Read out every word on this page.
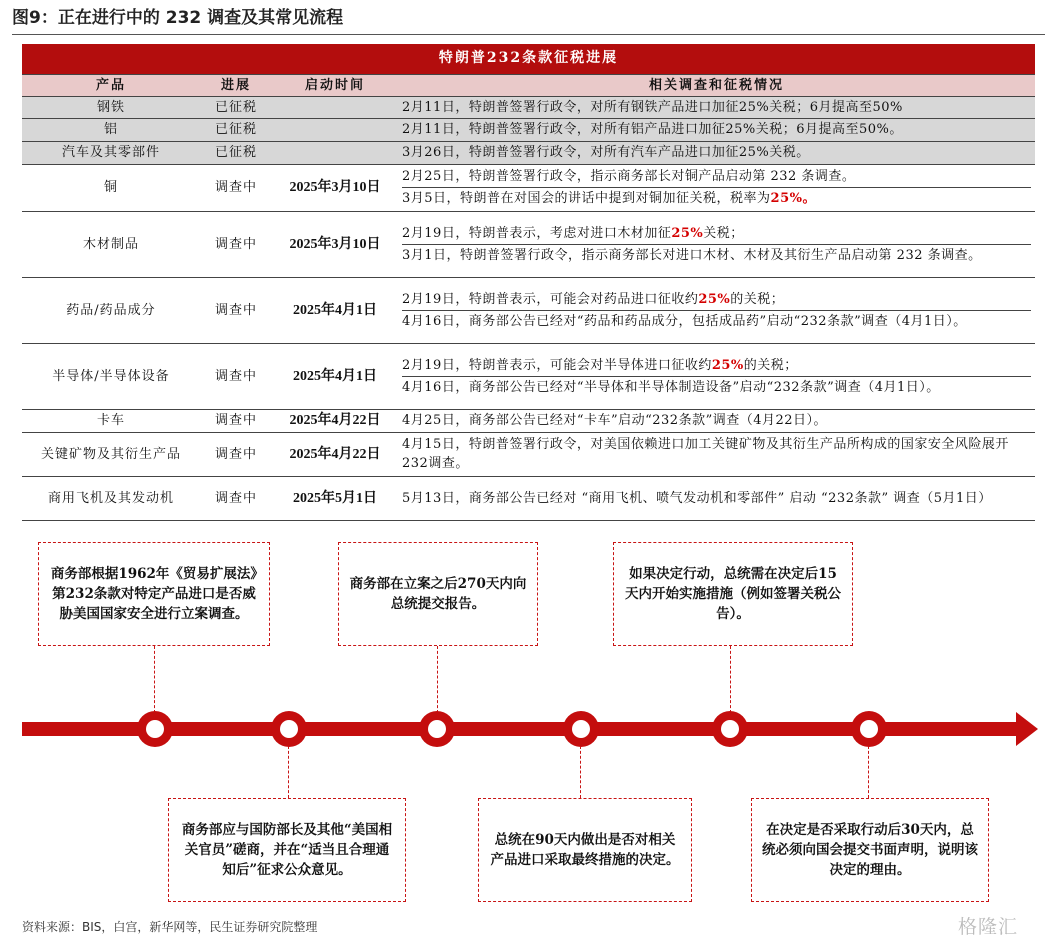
图9：正在进行中的 232 调查及其常见流程
特朗普232条款征税进展			
产品	进展	启动时间	相关调查和征税情况
钢铁	已征税		2月11日，特朗普签署行政令，对所有钢铁产品进口加征25%关税；6月提高至50%
铝	已征税		2月11日，特朗普签署行政令，对所有铝产品进口加征25%关税；6月提高至50%。
汽车及其零部件	已征税		3月26日，特朗普签署行政令，对所有汽车产品进口加征25%关税。
铜	调查中	2025年3月10日	2月25日，特朗普签署行政令，指示商务部长对铜产品启动第 232 条调查。
3月5日，特朗普在对国会的讲话中提到对铜加征关税，税率为25%。

木材制品	调查中	2025年3月10日	2月19日，特朗普表示，考虑对进口木材加征25%关税；
3月1日，特朗普签署行政令，指示商务部长对进口木材、木材及其衍生产品启动第 232 条调查。

药品/药品成分	调查中	2025年4月1日	2月19日，特朗普表示，可能会对药品进口征收约25%的关税；
4月16日，商务部公告已经对“药品和药品成分，包括成品药”启动“232条款”调查（4月1日）。

半导体/半导体设备	调查中	2025年4月1日	2月19日，特朗普表示，可能会对半导体进口征收约25%的关税；
4月16日，商务部公告已经对“半导体和半导体制造设备”启动“232条款”调查（4月1日）。

卡车	调查中	2025年4月22日	4月25日，商务部公告已经对“卡车”启动“232条款”调查（4月22日）。
关键矿物及其衍生产品	调查中	2025年4月22日	4月15日，特朗普签署行政令，对美国依赖进口加工关键矿物及其衍生产品所构成的国家安全风险展开232调查。
商用飞机及其发动机	调查中	2025年5月1日	5月13日，商务部公告已经对 “商用飞机、喷气发动机和零部件” 启动 “232条款” 调查（5月1日）
商务部根据1962年《贸易扩展法》第232条款对特定产品进口是否威胁美国国家安全进行立案调查。
商务部在立案之后270天内向总统提交报告。
如果决定行动，总统需在决定后15天内开始实施措施（例如签署关税公告）。
商务部应与国防部长及其他“美国相关官员”磋商，并在“适当且合理通知后”征求公众意见。
总统在90天内做出是否对相关产品进口采取最终措施的决定。
在决定是否采取行动后30天内，总统必须向国会提交书面声明，说明该决定的理由。
资料来源：BIS，白宫，新华网等，民生证券研究院整理	格隆汇
